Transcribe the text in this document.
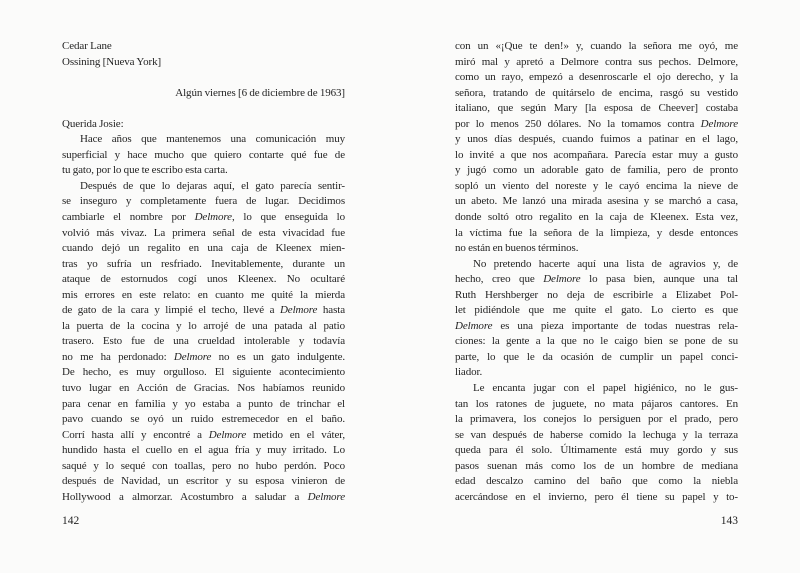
Cedar Lane
Ossining [Nueva York]

Algún viernes [6 de diciembre de 1963]

Querida Josie:
Hace años que mantenemos una comunicación muy
superficial y hace mucho que quiero contarte qué fue de
tu gato, por lo que te escribo esta carta.
Después de que lo dejaras aquí, el gato parecía sentir-
se inseguro y completamente fuera de lugar. Decidimos
cambiarle el nombre por Delmore, lo que enseguida lo
volvió más vivaz. La primera señal de esta vivacidad fue
cuando dejó un regalito en una caja de Kleenex mien-
tras yo sufría un resfriado. Inevitablemente, durante un
ataque de estornudos cogí unos Kleenex. No ocultaré
mis errores en este relato: en cuanto me quité la mierda
de gato de la cara y limpié el techo, llevé a Delmore hasta
la puerta de la cocina y lo arrojé de una patada al patio
trasero. Esto fue de una crueldad intolerable y todavía
no me ha perdonado: Delmore no es un gato indulgente.
De hecho, es muy orgulloso. El siguiente acontecimiento
tuvo lugar en Acción de Gracias. Nos habíamos reunido
para cenar en familia y yo estaba a punto de trinchar el
pavo cuando se oyó un ruido estremecedor en el baño.
Corrí hasta allí y encontré a Delmore metido en el váter,
hundido hasta el cuello en el agua fría y muy irritado. Lo
saqué y lo sequé con toallas, pero no hubo perdón. Poco
después de Navidad, un escritor y su esposa vinieron de
Hollywood a almorzar. Acostumbro a saludar a Delmore
142
con un «¡Que te den!» y, cuando la señora me oyó, me
miró mal y apretó a Delmore contra sus pechos. Delmore,
como un rayo, empezó a desenroscarle el ojo derecho, y la
señora, tratando de quitárselo de encima, rasgó su vestido
italiano, que según Mary [la esposa de Cheever] costaba
por lo menos 250 dólares. No la tomamos contra Delmore
y unos días después, cuando fuimos a patinar en el lago,
lo invité a que nos acompañara. Parecía estar muy a gusto
y jugó como un adorable gato de familia, pero de pronto
sopló un viento del noreste y le cayó encima la nieve de
un abeto. Me lanzó una mirada asesina y se marchó a casa,
donde soltó otro regalito en la caja de Kleenex. Esta vez,
la víctima fue la señora de la limpieza, y desde entonces
no están en buenos términos.
No pretendo hacerte aquí una lista de agravios y, de
hecho, creo que Delmore lo pasa bien, aunque una tal
Ruth Hershberger no deja de escribirle a Elizabet Pol-
let pidiéndole que me quite el gato. Lo cierto es que
Delmore es una pieza importante de todas nuestras rela-
ciones: la gente a la que no le caigo bien se pone de su
parte, lo que le da ocasión de cumplir un papel conci-
liador.
Le encanta jugar con el papel higiénico, no le gus-
tan los ratones de juguete, no mata pájaros cantores. En
la primavera, los conejos lo persiguen por el prado, pero
se van después de haberse comido la lechuga y la terraza
queda para él solo. Últimamente está muy gordo y sus
pasos suenan más como los de un hombre de mediana
edad descalzo camino del baño que como la niebla
acercándose en el invierno, pero él tiene su papel y to-
143
